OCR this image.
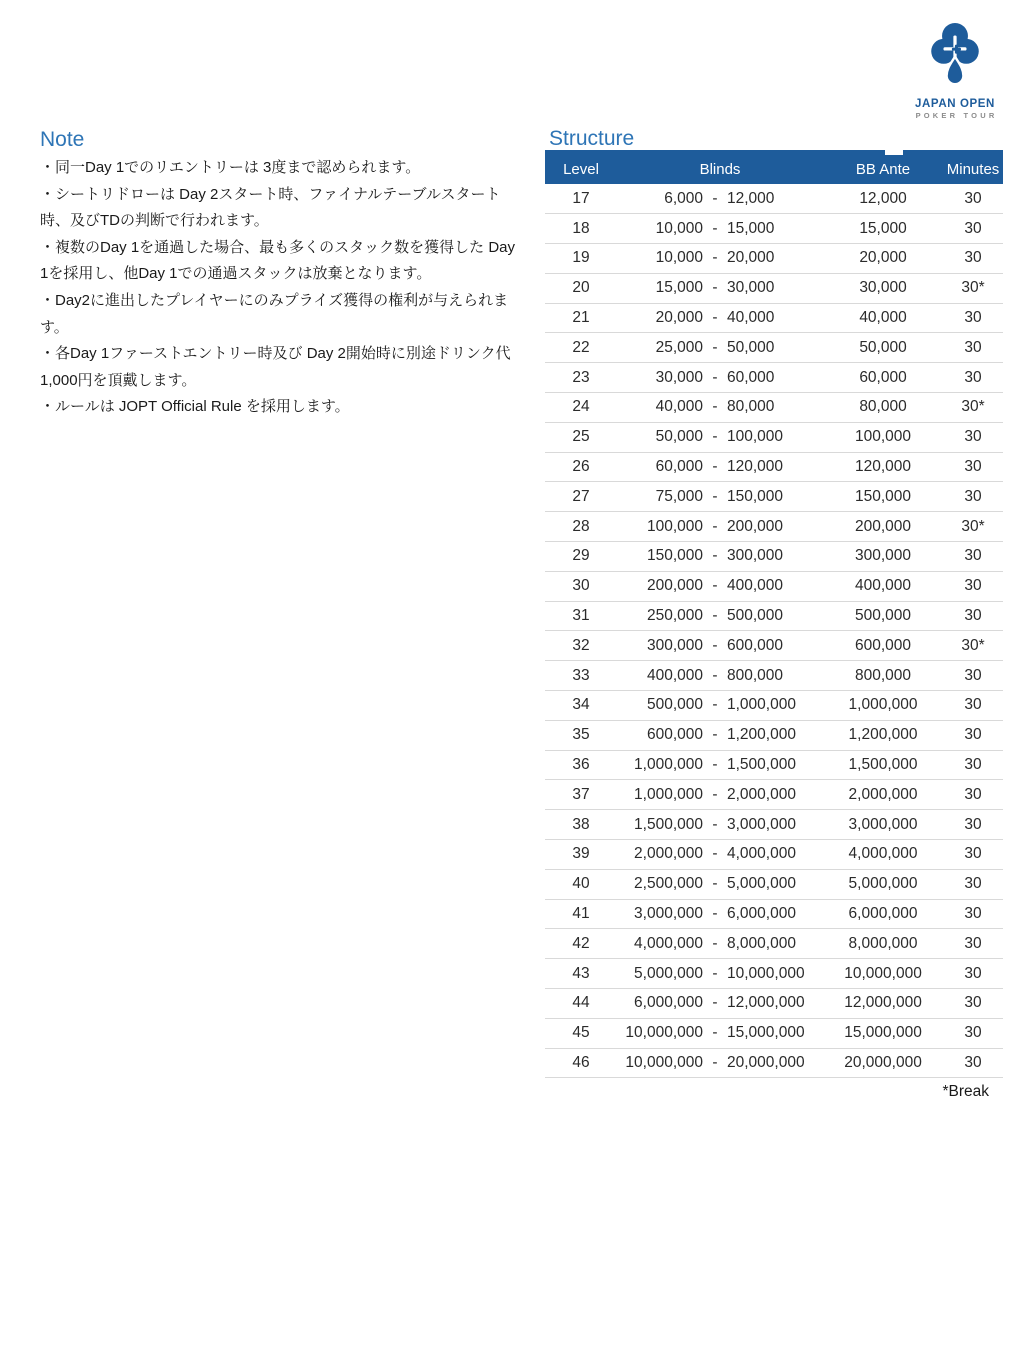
Note
・同一Day 1でのリエントリーは 3度まで認められます。
・シートリドローは Day 2スタート時、ファイナルテーブルスタート時、及びTDの判断で行われます。
・複数のDay 1を通過した場合、最も多くのスタック数を獲得した Day 1を採用し、他Day 1での通過スタックは放棄となります。
・Day2に進出したプレイヤーにのみプライズ獲得の権利が与えられます。
・各Day 1ファーストエントリー時及び Day 2開始時に別途ドリンク代 1,000円を頂戴します。
・ルールは JOPT Official Rule を採用します。
JAPAN OPEN
POKER TOUR
Structure
Level	Blinds			BB Ante	Minutes
17	6,000	-	12,000	12,000	30
18	10,000	-	15,000	15,000	30
19	10,000	-	20,000	20,000	30
20	15,000	-	30,000	30,000	30*
21	20,000	-	40,000	40,000	30
22	25,000	-	50,000	50,000	30
23	30,000	-	60,000	60,000	30
24	40,000	-	80,000	80,000	30*
25	50,000	-	100,000	100,000	30
26	60,000	-	120,000	120,000	30
27	75,000	-	150,000	150,000	30
28	100,000	-	200,000	200,000	30*
29	150,000	-	300,000	300,000	30
30	200,000	-	400,000	400,000	30
31	250,000	-	500,000	500,000	30
32	300,000	-	600,000	600,000	30*
33	400,000	-	800,000	800,000	30
34	500,000	-	1,000,000	1,000,000	30
35	600,000	-	1,200,000	1,200,000	30
36	1,000,000	-	1,500,000	1,500,000	30
37	1,000,000	-	2,000,000	2,000,000	30
38	1,500,000	-	3,000,000	3,000,000	30
39	2,000,000	-	4,000,000	4,000,000	30
40	2,500,000	-	5,000,000	5,000,000	30
41	3,000,000	-	6,000,000	6,000,000	30
42	4,000,000	-	8,000,000	8,000,000	30
43	5,000,000	-	10,000,000	10,000,000	30
44	6,000,000	-	12,000,000	12,000,000	30
45	10,000,000	-	15,000,000	15,000,000	30
46	10,000,000	-	20,000,000	20,000,000	30
*Break
